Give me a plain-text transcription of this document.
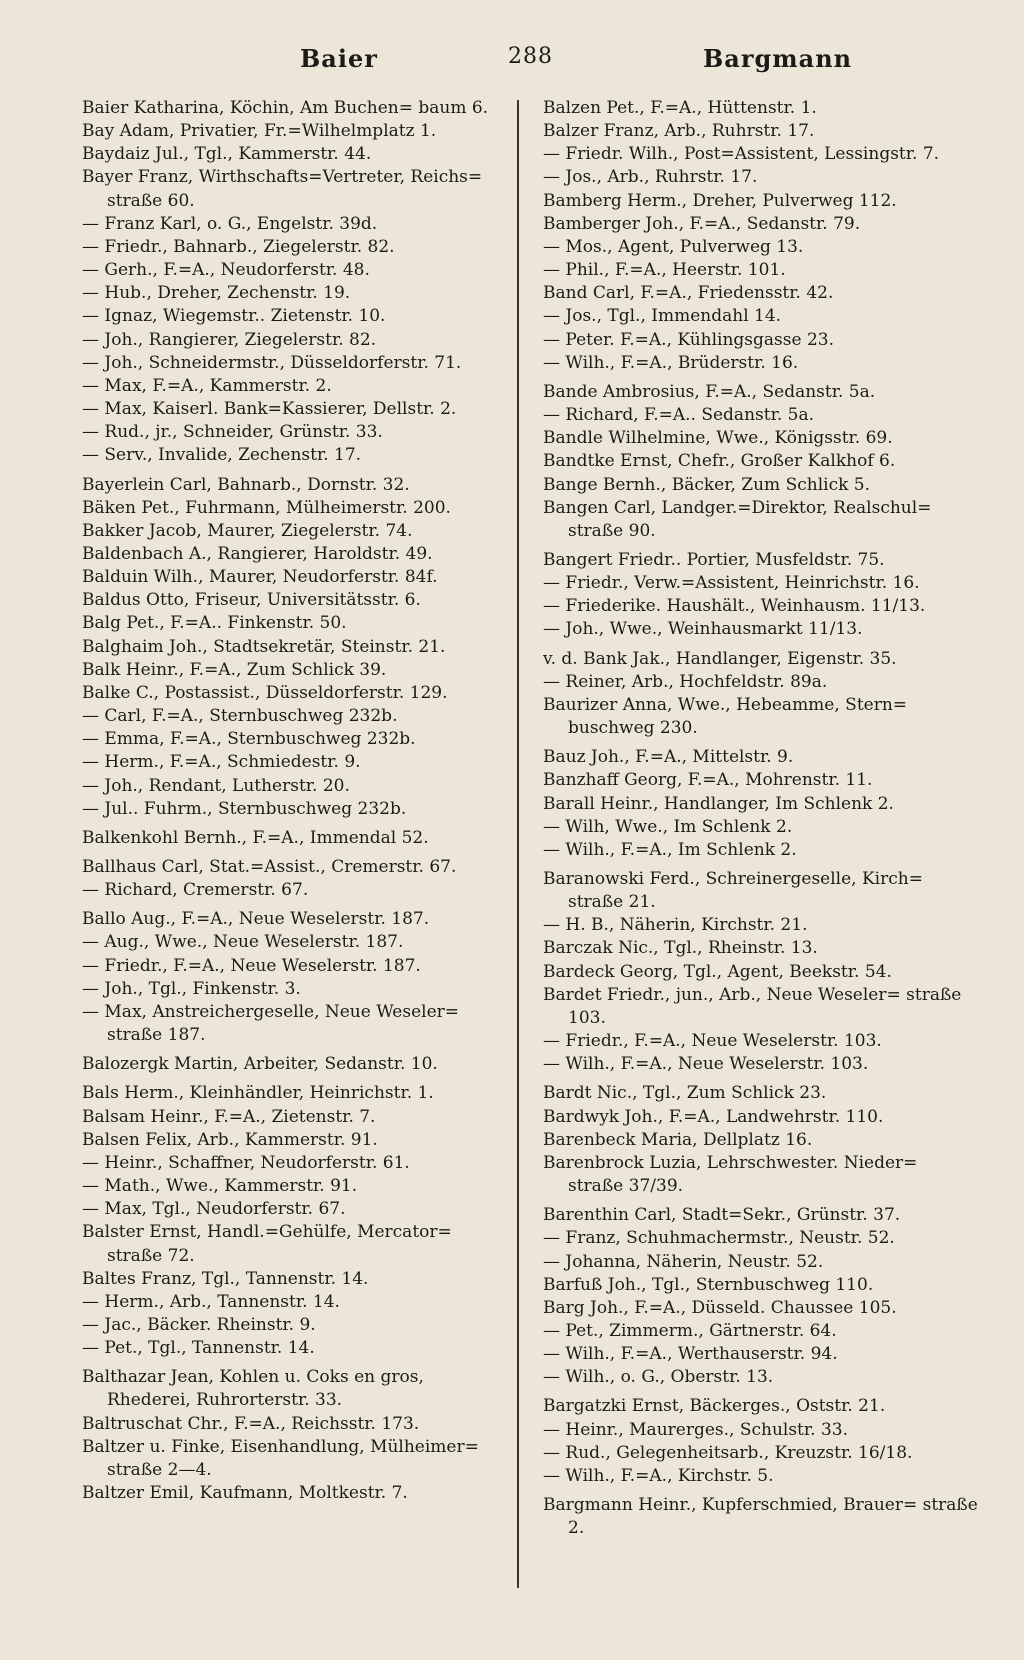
Baier	288	Bargmann
Baier Katharina, Köchin, Am Buchen= baum 6.
Bay Adam, Privatier, Fr.=Wilhelmplatz 1.
Baydaiz Jul., Tgl., Kammerstr. 44.
Bayer Franz, Wirthschafts=Vertreter, Reichs= straße 60.
— Franz Karl, o. G., Engelstr. 39d.
— Friedr., Bahnarb., Ziegelerstr. 82.
— Gerh., F.=A., Neudorferstr. 48.
— Hub., Dreher, Zechenstr. 19.
— Ignaz, Wiegemstr.. Zietenstr. 10.
— Joh., Rangierer, Ziegelerstr. 82.
— Joh., Schneidermstr., Düsseldorferstr. 71.
— Max, F.=A., Kammerstr. 2.
— Max, Kaiserl. Bank=Kassierer, Dellstr. 2.
— Rud., jr., Schneider, Grünstr. 33.
— Serv., Invalide, Zechenstr. 17.
Bayerlein Carl, Bahnarb., Dornstr. 32.
Bäken Pet., Fuhrmann, Mülheimerstr. 200.
Bakker Jacob, Maurer, Ziegelerstr. 74.
Baldenbach A., Rangierer, Haroldstr. 49.
Balduin Wilh., Maurer, Neudorferstr. 84f.
Baldus Otto, Friseur, Universitätsstr. 6.
Balg Pet., F.=A.. Finkenstr. 50.
Balghaim Joh., Stadtsekretär, Steinstr. 21.
Balk Heinr., F.=A., Zum Schlick 39.
Balke C., Postassist., Düsseldorferstr. 129.
— Carl, F.=A., Sternbuschweg 232b.
— Emma, F.=A., Sternbuschweg 232b.
— Herm., F.=A., Schmiedestr. 9.
— Joh., Rendant, Lutherstr. 20.
— Jul.. Fuhrm., Sternbuschweg 232b.
Balkenkohl Bernh., F.=A., Immendal 52.
Ballhaus Carl, Stat.=Assist., Cremerstr. 67.
— Richard, Cremerstr. 67.
Ballo Aug., F.=A., Neue Weselerstr. 187.
— Aug., Wwe., Neue Weselerstr. 187.
— Friedr., F.=A., Neue Weselerstr. 187.
— Joh., Tgl., Finkenstr. 3.
— Max, Anstreichergeselle, Neue Weseler= straße 187.
Balozergk Martin, Arbeiter, Sedanstr. 10.
Bals Herm., Kleinhändler, Heinrichstr. 1.
Balsam Heinr., F.=A., Zietenstr. 7.
Balsen Felix, Arb., Kammerstr. 91.
— Heinr., Schaffner, Neudorferstr. 61.
— Math., Wwe., Kammerstr. 91.
— Max, Tgl., Neudorferstr. 67.
Balster Ernst, Handl.=Gehülfe, Mercator= straße 72.
Baltes Franz, Tgl., Tannenstr. 14.
— Herm., Arb., Tannenstr. 14.
— Jac., Bäcker. Rheinstr. 9.
— Pet., Tgl., Tannenstr. 14.
Balthazar Jean, Kohlen u. Coks en gros, Rhederei, Ruhrorterstr. 33.
Baltruschat Chr., F.=A., Reichsstr. 173.
Baltzer u. Finke, Eisenhandlung, Mülheimer= straße 2—4.
Baltzer Emil, Kaufmann, Moltkestr. 7.
Balzen Pet., F.=A., Hüttenstr. 1.
Balzer Franz, Arb., Ruhrstr. 17.
— Friedr. Wilh., Post=Assistent, Lessingstr. 7.
— Jos., Arb., Ruhrstr. 17.
Bamberg Herm., Dreher, Pulverweg 112.
Bamberger Joh., F.=A., Sedanstr. 79.
— Mos., Agent, Pulverweg 13.
— Phil., F.=A., Heerstr. 101.
Band Carl, F.=A., Friedensstr. 42.
— Jos., Tgl., Immendahl 14.
— Peter. F.=A., Kühlingsgasse 23.
— Wilh., F.=A., Brüderstr. 16.
Bande Ambrosius, F.=A., Sedanstr. 5a.
— Richard, F.=A.. Sedanstr. 5a.
Bandle Wilhelmine, Wwe., Königsstr. 69.
Bandtke Ernst, Chefr., Großer Kalkhof 6.
Bange Bernh., Bäcker, Zum Schlick 5.
Bangen Carl, Landger.=Direktor, Realschul= straße 90.
Bangert Friedr.. Portier, Musfeldstr. 75.
— Friedr., Verw.=Assistent, Heinrichstr. 16.
— Friederike. Haushält., Weinhausm. 11/13.
— Joh., Wwe., Weinhausmarkt 11/13.
v. d. Bank Jak., Handlanger, Eigenstr. 35.
— Reiner, Arb., Hochfeldstr. 89a.
Baurizer Anna, Wwe., Hebeamme, Stern= buschweg 230.
Bauz Joh., F.=A., Mittelstr. 9.
Banzhaff Georg, F.=A., Mohrenstr. 11.
Barall Heinr., Handlanger, Im Schlenk 2.
— Wilh, Wwe., Im Schlenk 2.
— Wilh., F.=A., Im Schlenk 2.
Baranowski Ferd., Schreinergeselle, Kirch= straße 21.
— H. B., Näherin, Kirchstr. 21.
Barczak Nic., Tgl., Rheinstr. 13.
Bardeck Georg, Tgl., Agent, Beekstr. 54.
Bardet Friedr., jun., Arb., Neue Weseler= straße 103.
— Friedr., F.=A., Neue Weselerstr. 103.
— Wilh., F.=A., Neue Weselerstr. 103.
Bardt Nic., Tgl., Zum Schlick 23.
Bardwyk Joh., F.=A., Landwehrstr. 110.
Barenbeck Maria, Dellplatz 16.
Barenbrock Luzia, Lehrschwester. Nieder= straße 37/39.
Barenthin Carl, Stadt=Sekr., Grünstr. 37.
— Franz, Schuhmachermstr., Neustr. 52.
— Johanna, Näherin, Neustr. 52.
Barfuß Joh., Tgl., Sternbuschweg 110.
Barg Joh., F.=A., Düsseld. Chaussee 105.
— Pet., Zimmerm., Gärtnerstr. 64.
— Wilh., F.=A., Werthauserstr. 94.
— Wilh., o. G., Oberstr. 13.
Bargatzki Ernst, Bäckerges., Oststr. 21.
— Heinr., Maurerges., Schulstr. 33.
— Rud., Gelegenheitsarb., Kreuzstr. 16/18.
— Wilh., F.=A., Kirchstr. 5.
Bargmann Heinr., Kupferschmied, Brauer= straße 2.
